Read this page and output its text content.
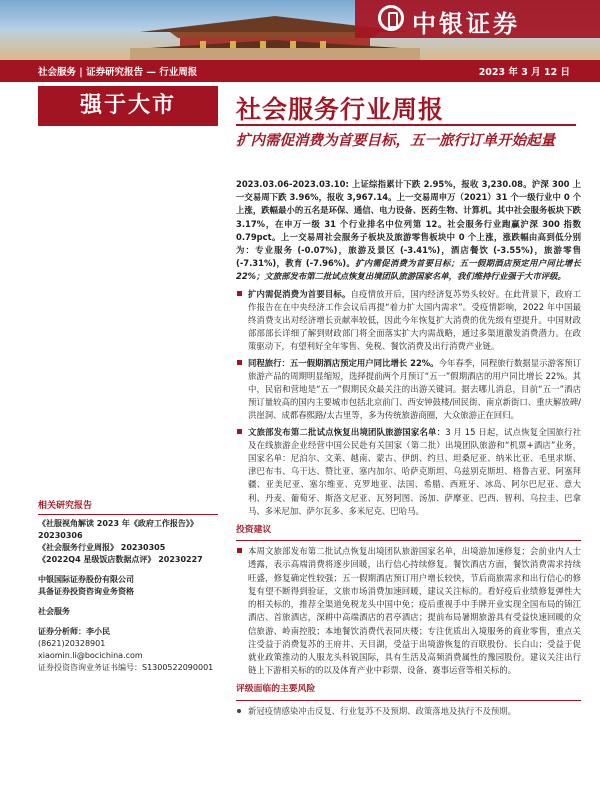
中银证券
社会服务 | 证券研究报告 — 行业周报	2023 年 3 月 12 日
强于大市	社会服务行业周报
扩内需促消费为首要目标，五一旅行订单开始起量
2023.03.06-2023.03.10: 上证综指累计下跌 2.95%，报收 3,230.08。沪深 300 上一交易周下跌 3.96%，报收 3,967.14。上一交易周申万（2021）31 个一级行业中 0 个上涨，跌幅最小的五名是环保、通信、电力设备、医药生物、计算机。其中社会服务板块下跌 3.17%，在申万一级 31 个行业排名中位列第 12。社会服务行业跑赢沪深 300 指数 0.79pct。上一交易周社会服务子板块及旅游零售板块中 0 个上涨，涨跌幅由高到低分别为：专业服务 (-0.07%)，旅游及景区 (-3.41%)，酒店餐饮 (-3.55%)，旅游零售 (-7.31%)，教育 (-7.96%)。扩内需促消费为首要目标；五一假期酒店预定用户同比增长 22%；文旅部发布第二批试点恢复出境团队旅游国家名单，我们维持行业强于大市评级。
扩内需促消费为首要目标。自疫情放开后，国内经济复苏势头较好。在此背景下，政府工作报告在在中央经济工作会议后再提“着力扩大国内需求”。受疫情影响，2022 年中国最终消费支出对经济增长贡献率较低，因此今年恢复扩大消费的优先级有望提升。中国财政部部部长详细了解到财政部门将全面落实扩大内需战略，通过多渠道激发消费潜力。在政策驱动下，有望利好全年零售、免税、餐饮消费及出行消费产业链。
同程旅行：五一假期酒店预定用户同比增长 22%。今年春季，同程旅行数据显示游客预订旅游产品的周期明显缩短，选择提前两个月预订“五一”假期酒店的用户同比增长 22%。其中，民宿和营地是“五一”假期民众最关注的出游关键词。据去哪儿消息，目前“五一”酒店预订量较高的国内主要城市包括北京前门、西安钟鼓楼/回民街、南京新街口、重庆解放碑/洪崖洞、成都春熙路/太古里等，多为传统旅游商圈，大众旅游正在回归。
文旅部发布第二批试点恢复出境团队旅游国家名单：3 月 15 日起，试点恢复全国旅行社及在线旅游企业经营中国公民赴有关国家（第二批）出境团队旅游和“机票+酒店”业务，国家名单：尼泊尔、文莱、越南、蒙古、伊朗、约旦、坦桑尼亚、纳米比亚、毛里求斯、津巴布韦、乌干达、赞比亚、塞内加尔、哈萨克斯坦、乌兹别克斯坦、格鲁吉亚、阿塞拜疆、亚美尼亚、塞尔维亚、克罗地亚、法国、希腊、西班牙、冰岛、阿尔巴尼亚、意大利、丹麦、葡萄牙、斯洛文尼亚、瓦努阿图、汤加、萨摩亚、巴西、智利、乌拉圭、巴拿马、多米尼加、萨尔瓦多、多米尼克、巴哈马。
投资建议
本周文旅部发布第二批试点恢复出境团队旅游国家名单，出境游加速修复；会前业内人士透露，表示高端消费将逐步回暖，出行信心持续修复。餐饮酒店方面，餐饮消费需求持续旺盛，修复确定性较强；五一假期酒店预订用户增长较快，节后商旅需求和出行信心的修复有望不断得到验证，文旅市场消费加速回暖，建议关注标的。看好疫后业绩修复弹性大的相关标的，推荐全渠道免税龙头中国中免；疫后重视手中手牌开业实现全国布局的锦江酒店、首旅酒店，深耕中高端酒店的君亭酒店；提前布局暑期旅游具有受益快速回暖的众信旅游、岭南控股；本地餐饮消费代表同庆楼；专注优质出入境服务的商业零售，重点关注受益于消费复苏的王府井、天目湖，受益于出境游恢复的百联股份、长白山；受益于促就业政策推动的人服龙头科锐国际，具有生活及高频消费属性的豫园股份。建议关注出行链上下游相关标的的以及体育产业中彩票、设备、赛事运营等相关标的。
评级面临的主要风险
新冠疫情感染冲击反复、行业复苏不及预期、政策落地及执行不及预期。
相关研究报告
《社服视角解读 2023 年《政府工作报告》》 20230306
《社会服务行业周报》 20230305
《2022Q4 星级饭店数据点评》 20230227
中银国际证券股份有限公司
具备证券投资咨询业务资格
社会服务
证券分析师：李小民
(8621)20328901
xiaomin.li@bocichina.com
证券投资咨询业务证书编号：S1300522090001
